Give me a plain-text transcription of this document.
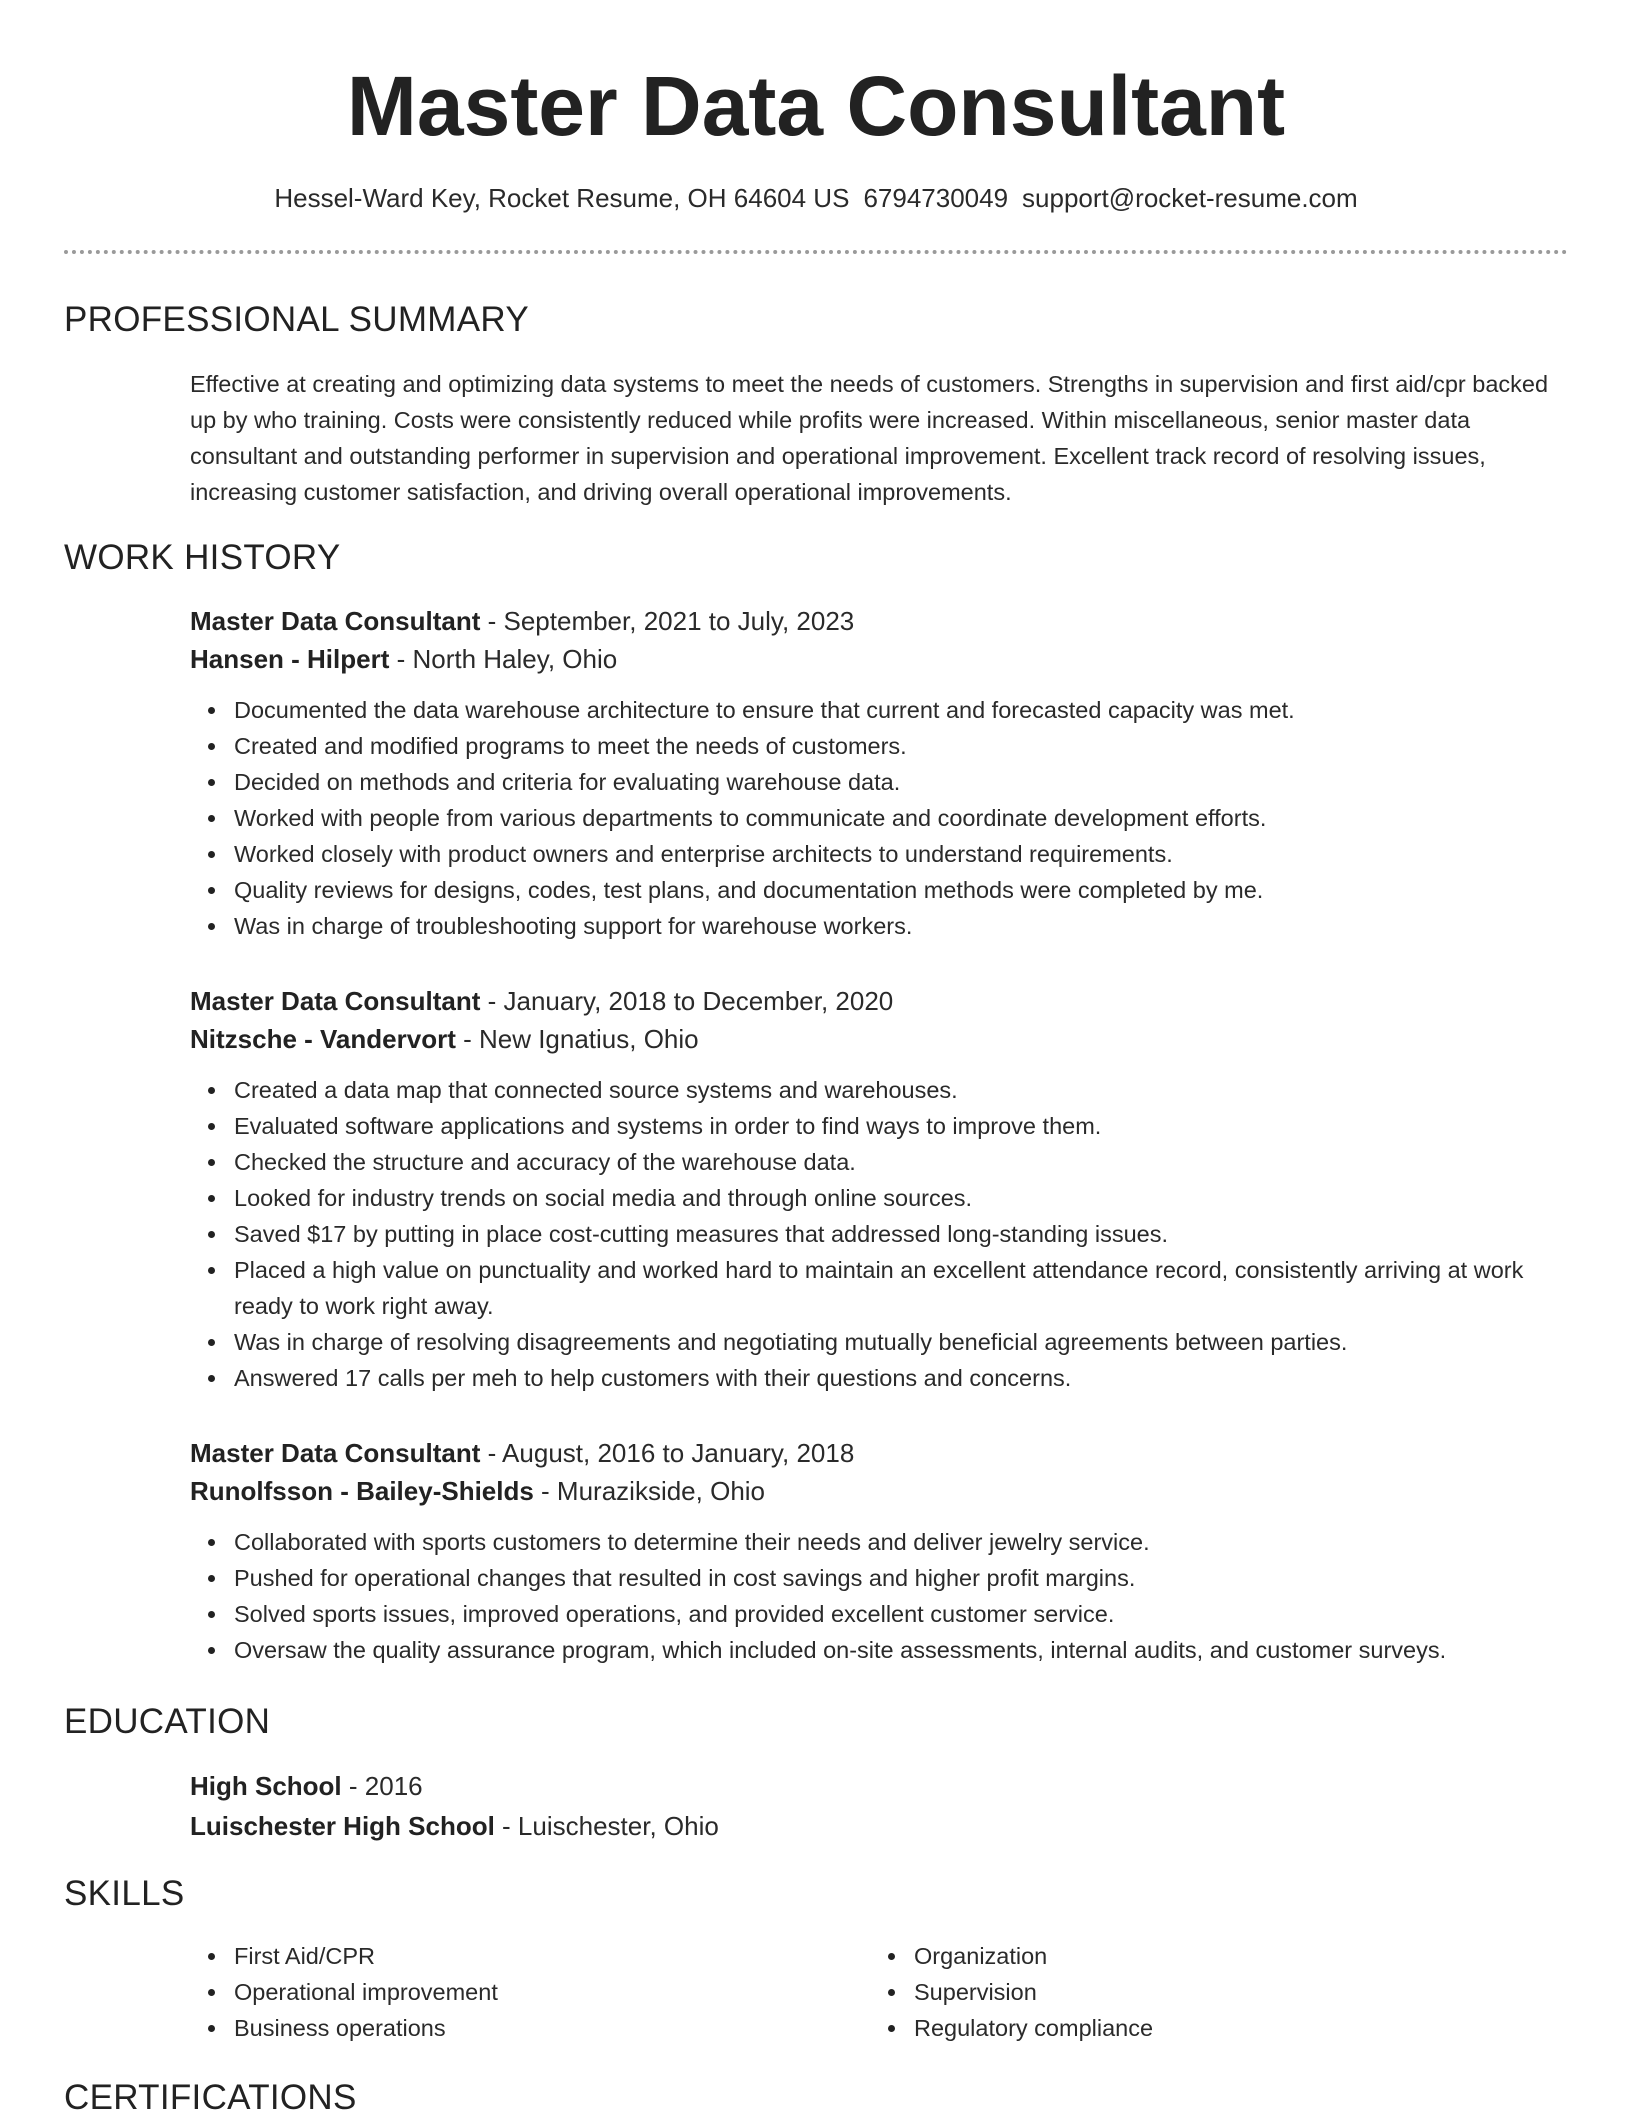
Master Data Consultant
Hessel-Ward Key, Rocket Resume, OH 64604 US 6794730049 support@rocket-resume.com
PROFESSIONAL SUMMARY

Effective at creating and optimizing data systems to meet the needs of customers. Strengths in supervision and first aid/cpr backed up by who training. Costs were consistently reduced while profits were increased. Within miscellaneous, senior master data consultant and outstanding performer in supervision and operational improvement. Excellent track record of resolving issues, increasing customer satisfaction, and driving overall operational improvements.

WORK HISTORY
Master Data Consultant - September, 2021 to July, 2023
Hansen - Hilpert - North Haley, Ohio
Documented the data warehouse architecture to ensure that current and forecasted capacity was met.
Created and modified programs to meet the needs of customers.
Decided on methods and criteria for evaluating warehouse data.
Worked with people from various departments to communicate and coordinate development efforts.
Worked closely with product owners and enterprise architects to understand requirements.
Quality reviews for designs, codes, test plans, and documentation methods were completed by me.
Was in charge of troubleshooting support for warehouse workers.
Master Data Consultant - January, 2018 to December, 2020
Nitzsche - Vandervort - New Ignatius, Ohio
Created a data map that connected source systems and warehouses.
Evaluated software applications and systems in order to find ways to improve them.
Checked the structure and accuracy of the warehouse data.
Looked for industry trends on social media and through online sources.
Saved $17 by putting in place cost-cutting measures that addressed long-standing issues.
Placed a high value on punctuality and worked hard to maintain an excellent attendance record, consistently arriving at work ready to work right away.
Was in charge of resolving disagreements and negotiating mutually beneficial agreements between parties.
Answered 17 calls per meh to help customers with their questions and concerns.
Master Data Consultant - August, 2016 to January, 2018
Runolfsson - Bailey-Shields - Murazikside, Ohio
Collaborated with sports customers to determine their needs and deliver jewelry service.
Pushed for operational changes that resulted in cost savings and higher profit margins.
Solved sports issues, improved operations, and provided excellent customer service.
Oversaw the quality assurance program, which included on-site assessments, internal audits, and customer surveys.
EDUCATION
High School - 2016
Luischester High School - Luischester, Ohio
SKILLS
First Aid/CPR
Operational improvement
Business operations
Organization
Supervision
Regulatory compliance
CERTIFICATIONS
